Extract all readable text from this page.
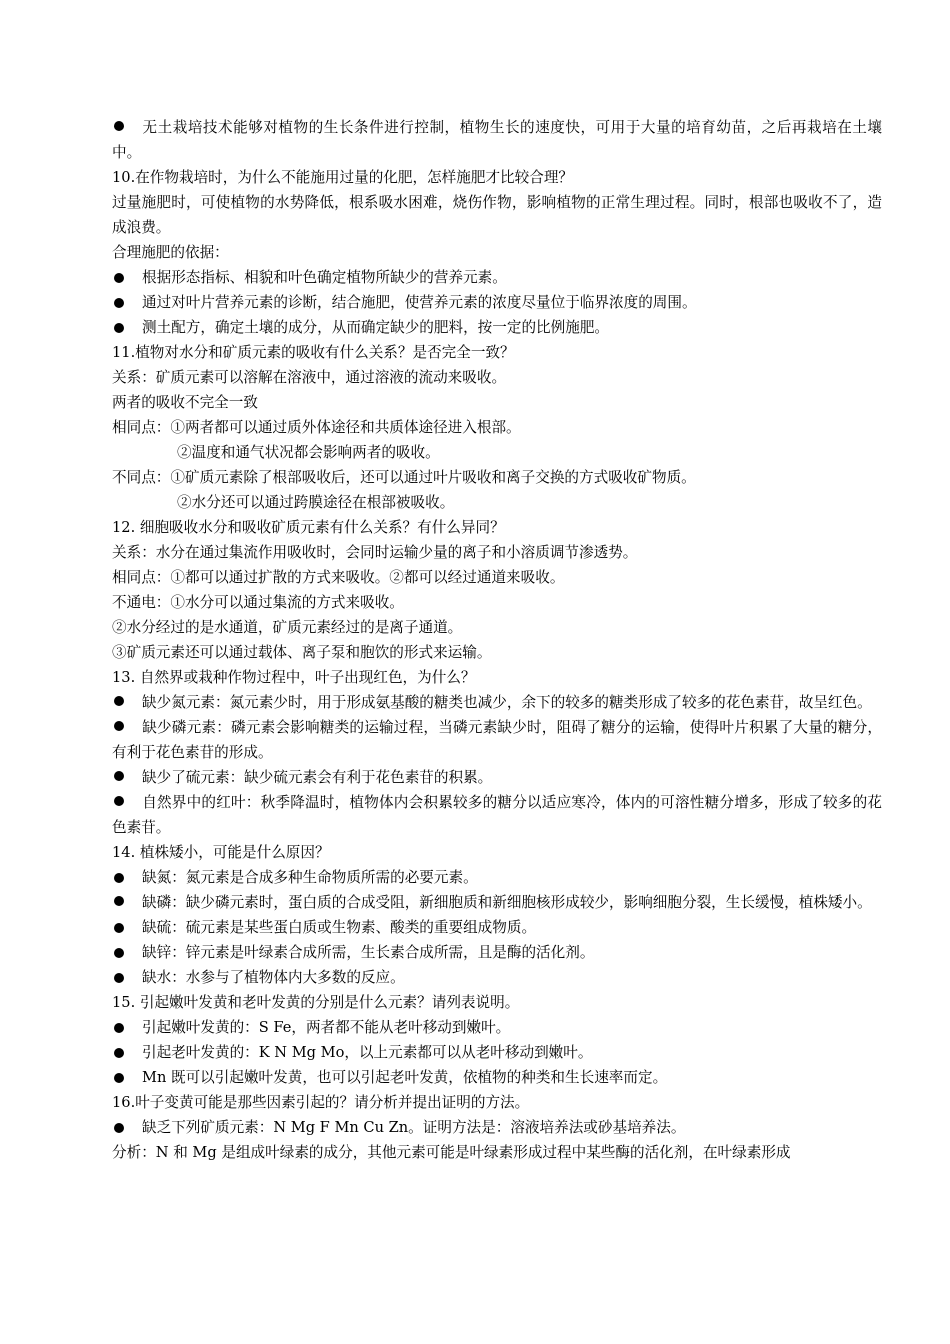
无土栽培技术能够对植物的生长条件进行控制，植物生长的速度快，可用于大量的培育幼苗，之后再栽培在土壤中。
10.在作物栽培时，为什么不能施用过量的化肥，怎样施肥才比较合理？
过量施肥时，可使植物的水势降低，根系吸水困难，烧伤作物，影响植物的正常生理过程。同时，根部也吸收不了，造成浪费。
合理施肥的依据：
根据形态指标、相貌和叶色确定植物所缺少的营养元素。
通过对叶片营养元素的诊断，结合施肥，使营养元素的浓度尽量位于临界浓度的周围。
测土配方，确定土壤的成分，从而确定缺少的肥料，按一定的比例施肥。
11.植物对水分和矿质元素的吸收有什么关系？是否完全一致？
关系：矿质元素可以溶解在溶液中，通过溶液的流动来吸收。
两者的吸收不完全一致
相同点：①两者都可以通过质外体途径和共质体途径进入根部。
②温度和通气状况都会影响两者的吸收。
不同点：①矿质元素除了根部吸收后，还可以通过叶片吸收和离子交换的方式吸收矿物质。
②水分还可以通过跨膜途径在根部被吸收。
12. 细胞吸收水分和吸收矿质元素有什么关系？有什么异同？
关系：水分在通过集流作用吸收时，会同时运输少量的离子和小溶质调节渗透势。
相同点：①都可以通过扩散的方式来吸收。②都可以经过通道来吸收。
不通电：①水分可以通过集流的方式来吸收。
②水分经过的是水通道，矿质元素经过的是离子通道。
③矿质元素还可以通过载体、离子泵和胞饮的形式来运输。
13. 自然界或栽种作物过程中，叶子出现红色，为什么？
缺少氮元素：氮元素少时，用于形成氨基酸的糖类也减少，余下的较多的糖类形成了较多的花色素苷，故呈红色。
缺少磷元素：磷元素会影响糖类的运输过程，当磷元素缺少时，阻碍了糖分的运输，使得叶片积累了大量的糖分，有利于花色素苷的形成。
缺少了硫元素：缺少硫元素会有利于花色素苷的积累。
自然界中的红叶：秋季降温时，植物体内会积累较多的糖分以适应寒冷，体内的可溶性糖分增多，形成了较多的花色素苷。
14. 植株矮小，可能是什么原因？
缺氮：氮元素是合成多种生命物质所需的必要元素。
缺磷：缺少磷元素时，蛋白质的合成受阻，新细胞质和新细胞核形成较少，影响细胞分裂，生长缓慢，植株矮小。
缺硫：硫元素是某些蛋白质或生物素、酸类的重要组成物质。
缺锌：锌元素是叶绿素合成所需，生长素合成所需，且是酶的活化剂。
缺水：水参与了植物体内大多数的反应。
15. 引起嫩叶发黄和老叶发黄的分别是什么元素？请列表说明。
引起嫩叶发黄的：S Fe，两者都不能从老叶移动到嫩叶。
引起老叶发黄的：K N Mg Mo，以上元素都可以从老叶移动到嫩叶。
Mn 既可以引起嫩叶发黄，也可以引起老叶发黄，依植物的种类和生长速率而定。
16.叶子变黄可能是那些因素引起的？请分析并提出证明的方法。
缺乏下列矿质元素：N Mg F Mn Cu Zn。证明方法是：溶液培养法或砂基培养法。
分析：N 和 Mg 是组成叶绿素的成分，其他元素可能是叶绿素形成过程中某些酶的活化剂，在叶绿素形成
